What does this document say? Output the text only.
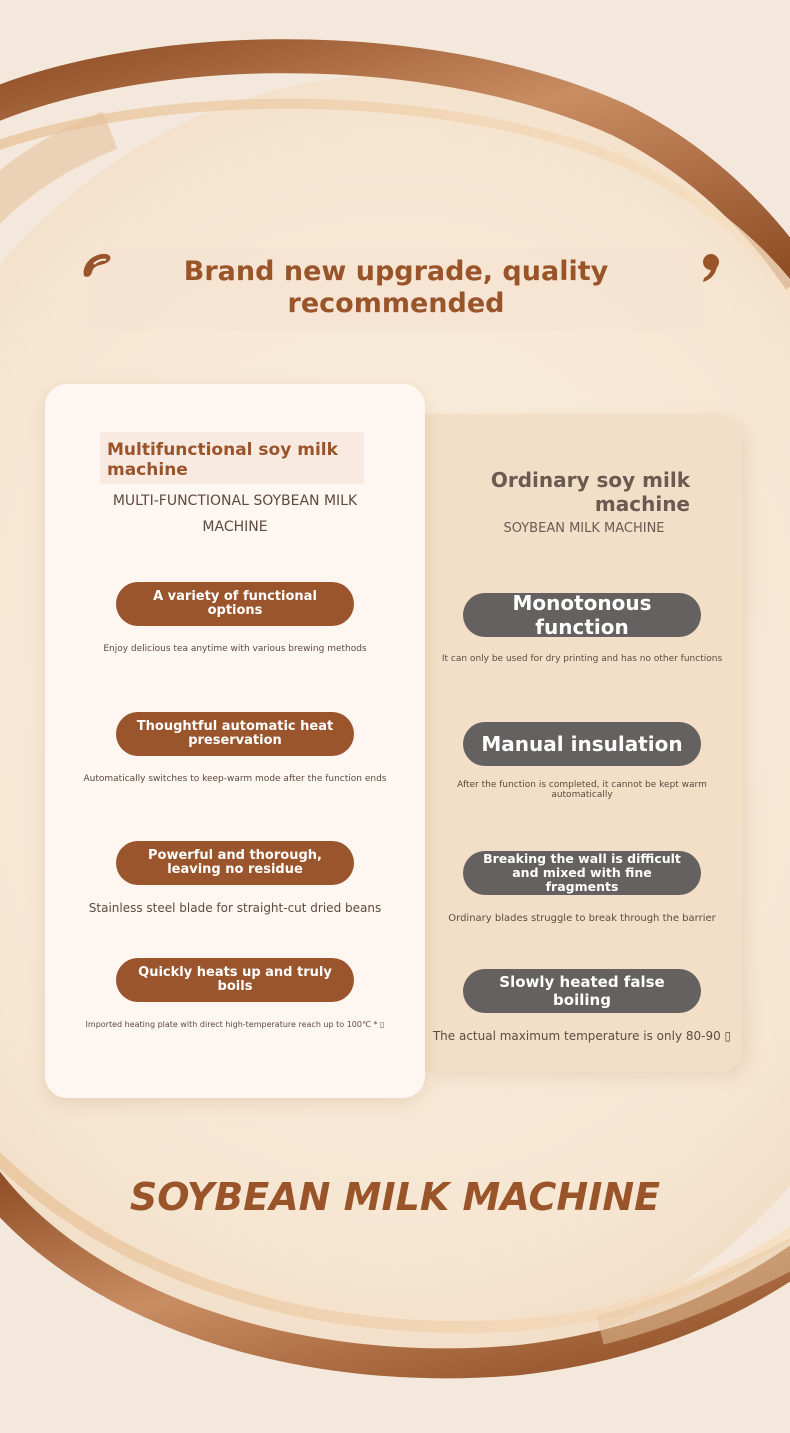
Brand new upgrade, quality recommended
Multifunctional soy milk machine
MULTI-FUNCTIONAL SOYBEAN MILK MACHINE
Ordinary soy milk machine
SOYBEAN MILK MACHINE
A variety of functional options
Enjoy delicious tea anytime with various brewing methods
Thoughtful automatic heat preservation
Automatically switches to keep-warm mode after the function ends
Powerful and thorough, leaving no residue
Stainless steel blade for straight-cut dried beans
Quickly heats up and truly boils
Imported heating plate with direct high-temperature reach up to 100℃ * ▯
Monotonous function
It can only be used for dry printing and has no other functions
Manual insulation
After the function is completed, it cannot be kept warm automatically
Breaking the wall is difficult and mixed with fine fragments
Ordinary blades struggle to break through the barrier
Slowly heated false boiling
The actual maximum temperature is only 80-90 ▯
SOYBEAN MILK MACHINE
